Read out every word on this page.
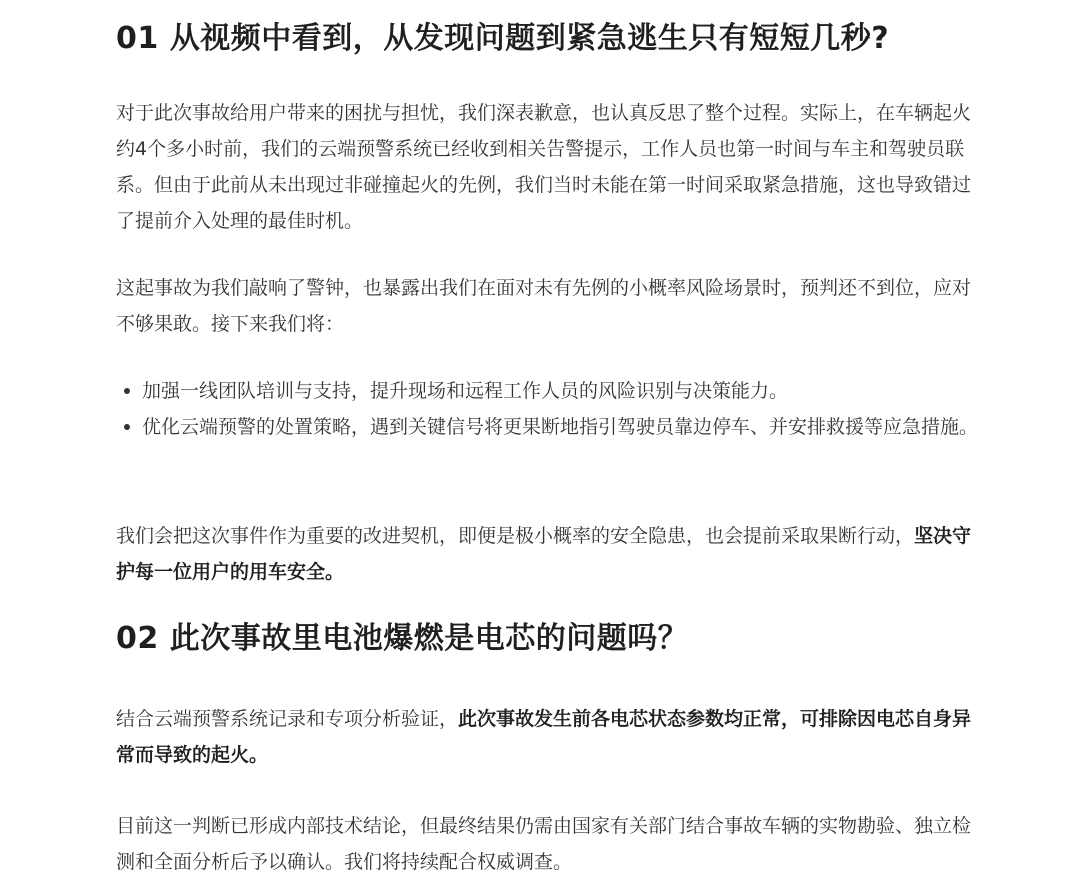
01 从视频中看到，从发现问题到紧急逃生只有短短几秒?

对于此次事故给用户带来的困扰与担忧，我们深表歉意，也认真反思了整个过程。实际上，在车辆起火约4个多小时前，我们的云端预警系统已经收到相关告警提示，工作人员也第一时间与车主和驾驶员联系。但由于此前从未出现过非碰撞起火的先例，我们当时未能在第一时间采取紧急措施，这也导致错过了提前介入处理的最佳时机。

这起事故为我们敲响了警钟，也暴露出我们在面对未有先例的小概率风险场景时，预判还不到位，应对不够果敢。接下来我们将：

加强一线团队培训与支持，提升现场和远程工作人员的风险识别与决策能力。
优化云端预警的处置策略，遇到关键信号将更果断地指引驾驶员靠边停车、并安排救援等应急措施。

我们会把这次事件作为重要的改进契机，即便是极小概率的安全隐患，也会提前采取果断行动，坚决守护每一位用户的用车安全。

02 此次事故里电池爆燃是电芯的问题吗？

结合云端预警系统记录和专项分析验证，此次事故发生前各电芯状态参数均正常，可排除因电芯自身异常而导致的起火。

目前这一判断已形成内部技术结论，但最终结果仍需由国家有关部门结合事故车辆的实物勘验、独立检测和全面分析后予以确认。我们将持续配合权威调查。
